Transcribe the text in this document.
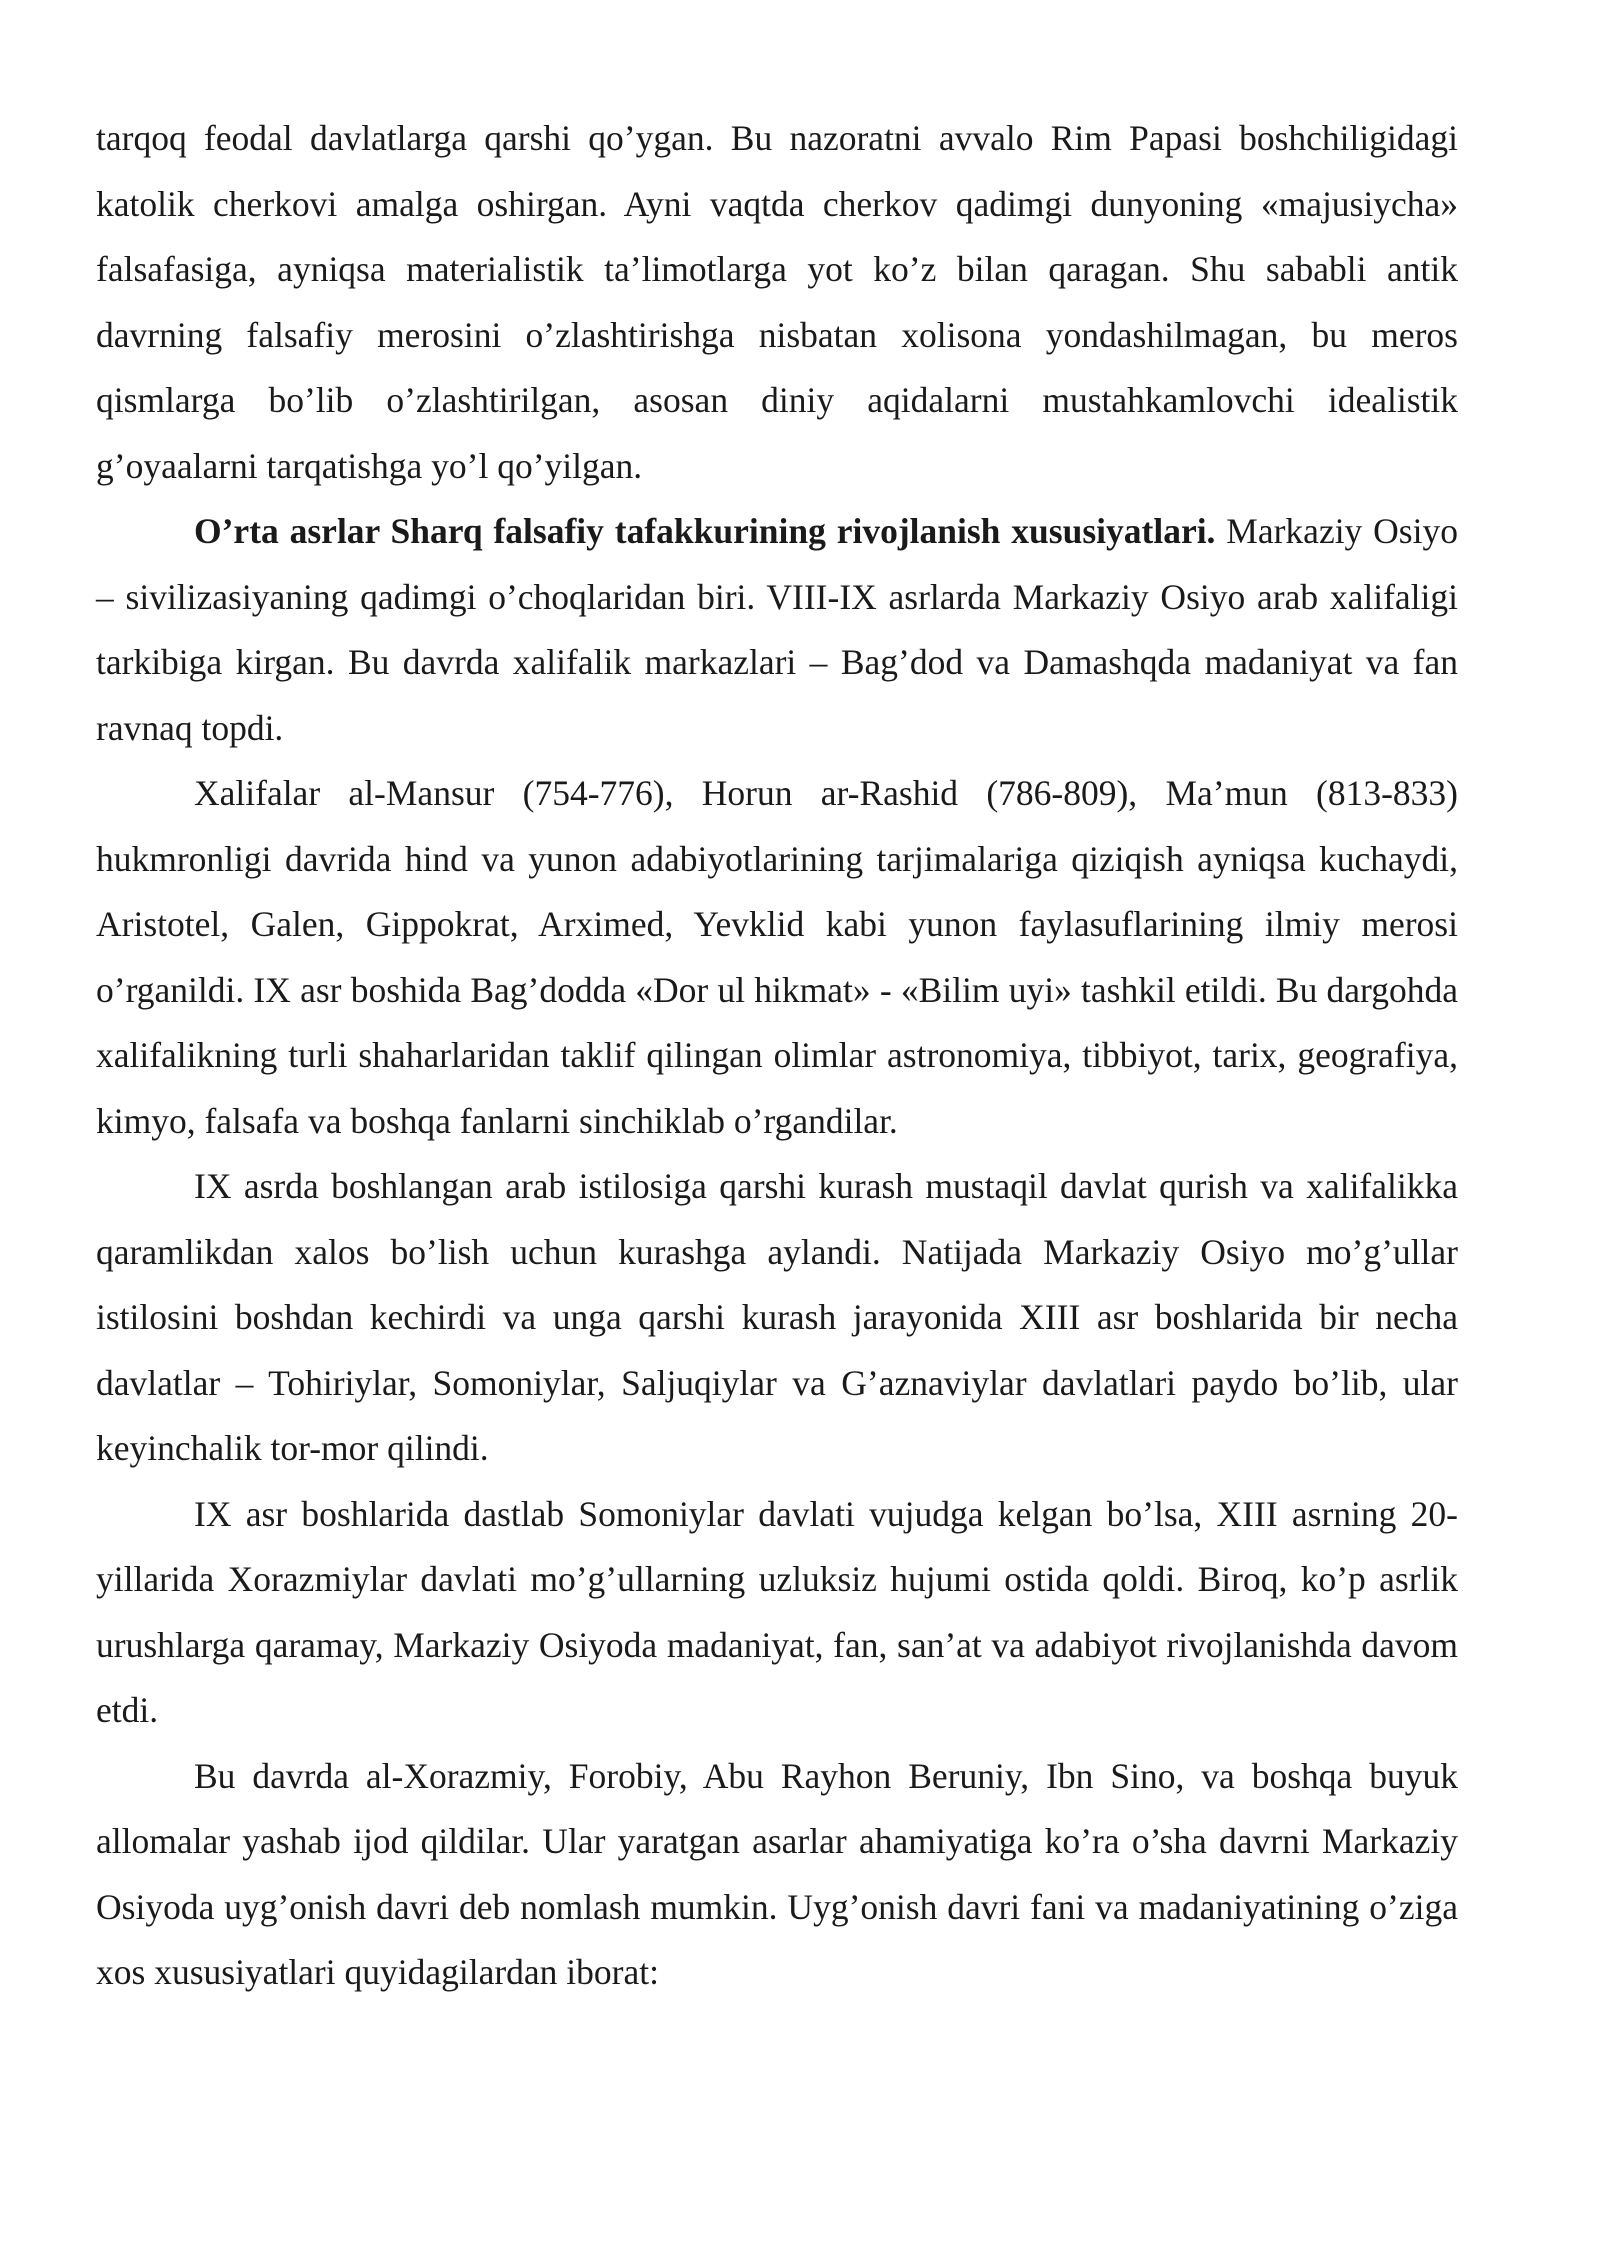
tarqoq feodal davlatlarga qarshi qo’ygan. Bu nazoratni avvalo Rim Papasi boshchiligidagi katolik cherkovi amalga oshirgan. Ayni vaqtda cherkov qadimgi dunyoning «majusiycha» falsafasiga, ayniqsa materialistik ta’limotlarga yot ko’z bilan qaragan. Shu sababli antik davrning falsafiy merosini o’zlashtirishga nisbatan xolisona yondashilmagan, bu meros qismlarga bo’lib o’zlashtirilgan, asosan diniy aqidalarni mustahkamlovchi idealistik g’oyaalarni tarqatishga yo’l qo’yilgan.

O’rta asrlar Sharq falsafiy tafakkurining rivojlanish xususiyatlari. Markaziy Osiyo – sivilizasiyaning qadimgi o’choqlaridan biri. VIII-IX asrlarda Markaziy Osiyo arab xalifaligi tarkibiga kirgan. Bu davrda xalifalik markazlari – Bag’dod va Damashqda madaniyat va fan ravnaq topdi.

Xalifalar al-Mansur (754-776), Horun ar-Rashid (786-809), Ma’mun (813-833) hukmronligi davrida hind va yunon adabiyotlarining tarjimalariga qiziqish ayniqsa kuchaydi, Aristotel, Galen, Gippokrat, Arximed, Yevklid kabi yunon faylasuflarining ilmiy merosi o’rganildi. IX asr boshida Bag’dodda «Dor ul hikmat» - «Bilim uyi» tashkil etildi. Bu dargohda xalifalikning turli shaharlaridan taklif qilingan olimlar astronomiya, tibbiyot, tarix, geografiya, kimyo, falsafa va boshqa fanlarni sinchiklab o’rgandilar.

IX asrda boshlangan arab istilosiga qarshi kurash mustaqil davlat qurish va xalifalikka qaramlikdan xalos bo’lish uchun kurashga aylandi. Natijada Markaziy Osiyo mo’g’ullar istilosini boshdan kechirdi va unga qarshi kurash jarayonida XIII asr boshlarida bir necha davlatlar – Tohiriylar, Somoniylar, Saljuqiylar va G’aznaviylar davlatlari paydo bo’lib, ular keyinchalik tor-mor qilindi.

IX asr boshlarida dastlab Somoniylar davlati vujudga kelgan bo’lsa, XIII asrning 20-yillarida Xorazmiylar davlati mo’g’ullarning uzluksiz hujumi ostida qoldi. Biroq, ko’p asrlik urushlarga qaramay, Markaziy Osiyoda madaniyat, fan, san’at va adabiyot rivojlanishda davom etdi.

Bu davrda al-Xorazmiy, Forobiy, Abu Rayhon Beruniy, Ibn Sino, va boshqa buyuk allomalar yashab ijod qildilar. Ular yaratgan asarlar ahamiyatiga ko’ra o’sha davrni Markaziy Osiyoda uyg’onish davri deb nomlash mumkin. Uyg’onish davri fani va madaniyatining o’ziga xos xususiyatlari quyidagilardan iborat:
